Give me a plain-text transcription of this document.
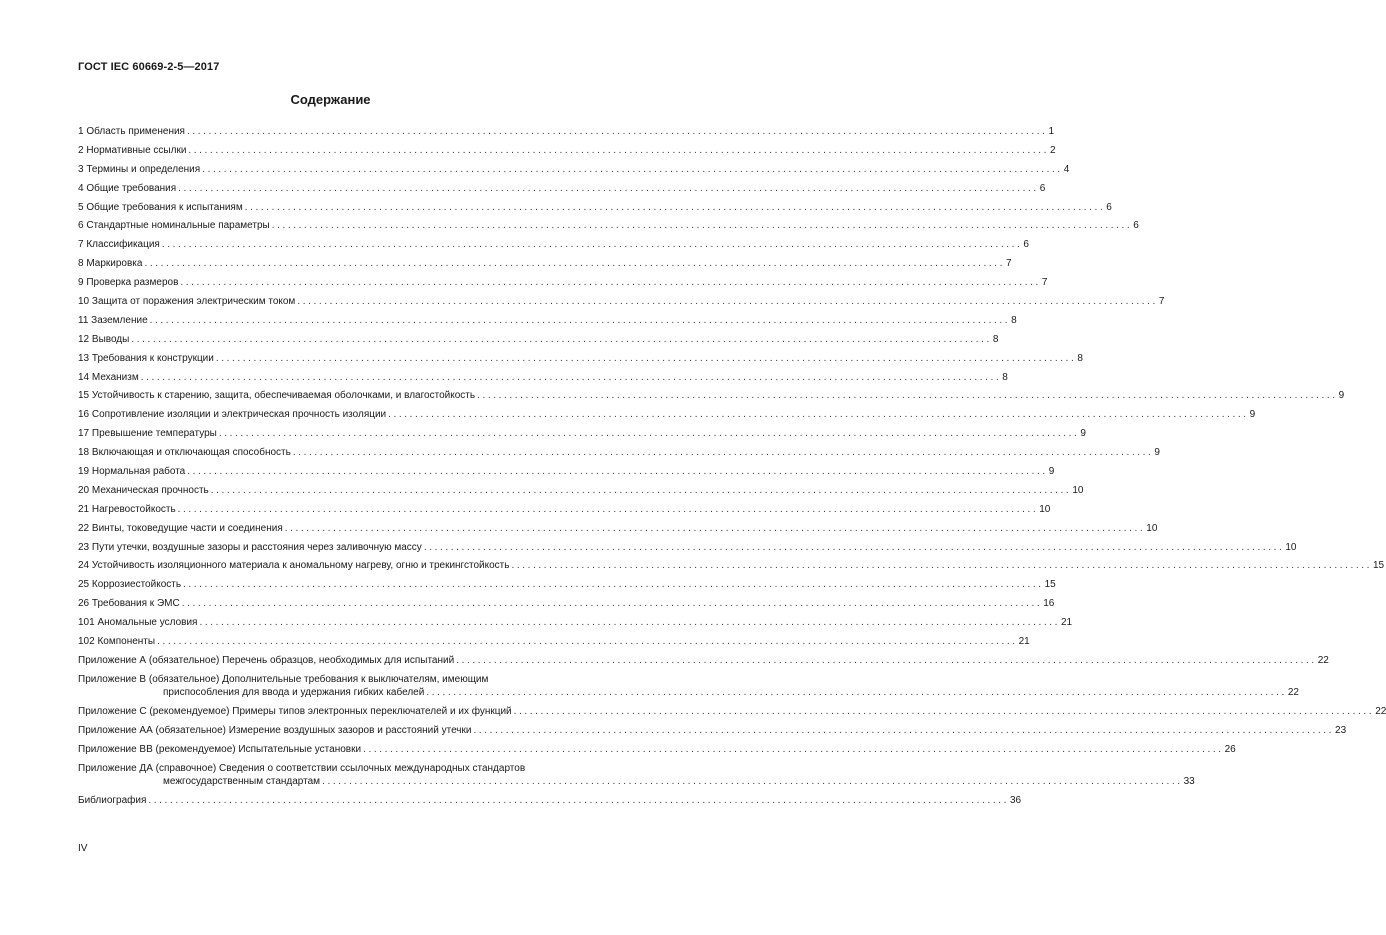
ГОСТ IEC 60669-2-5—2017
Содержание
1 Область применения ................................................................................................................................................................ 1
2 Нормативные ссылки ................................................................................................................................................................ 2
3 Термины и определения ................................................................................................................................................................ 4
4 Общие требования ................................................................................................................................................................ 6
5 Общие требования к испытаниям ................................................................................................................................................................ 6
6 Стандартные номинальные параметры ................................................................................................................................................................ 6
7 Классификация ................................................................................................................................................................ 6
8 Маркировка ................................................................................................................................................................ 7
9 Проверка размеров ................................................................................................................................................................ 7
10 Защита от поражения электрическим током ................................................................................................................................................................ 7
11 Заземление ................................................................................................................................................................ 8
12 Выводы ................................................................................................................................................................ 8
13 Требования к конструкции ................................................................................................................................................................ 8
14 Механизм ................................................................................................................................................................ 8
15 Устойчивость к старению, защита, обеспечиваемая оболочками, и влагостойкость ................................................................................................................................................................ 9
16 Сопротивление изоляции и электрическая прочность изоляции ................................................................................................................................................................ 9
17 Превышение температуры ................................................................................................................................................................ 9
18 Включающая и отключающая способность ................................................................................................................................................................ 9
19 Нормальная работа ................................................................................................................................................................ 9
20 Механическая прочность ................................................................................................................................................................ 10
21 Нагревостойкость ................................................................................................................................................................ 10
22 Винты, токоведущие части и соединения ................................................................................................................................................................ 10
23 Пути утечки, воздушные зазоры и расстояния через заливочную массу ................................................................................................................................................................ 10
24 Устойчивость изоляционного материала к аномальному нагреву, огню и трекингстойкость ................................................................................................................................................................ 15
25 Коррозиестойкость ................................................................................................................................................................ 15
26 Требования к ЭМС ................................................................................................................................................................ 16
101 Аномальные условия ................................................................................................................................................................ 21
102 Компоненты ................................................................................................................................................................ 21
Приложение А (обязательное) Перечень образцов, необходимых для испытаний ................................................................................................................................................................ 22
Приложение В (обязательное) Дополнительные требования к выключателям, имеющим
приспособления для ввода и удержания гибких кабелей ................................................................................................................................................................ 22
Приложение С (рекомендуемое) Примеры типов электронных переключателей и их функций ................................................................................................................................................................ 22
Приложение АА (обязательное) Измерение воздушных зазоров и расстояний утечки ................................................................................................................................................................ 23
Приложение ВВ (рекомендуемое) Испытательные установки ................................................................................................................................................................ 26
Приложение ДА (справочное) Сведения о соответствии ссылочных международных стандартов
межгосударственным стандартам ................................................................................................................................................................ 33
Библиография ................................................................................................................................................................ 36
IV
